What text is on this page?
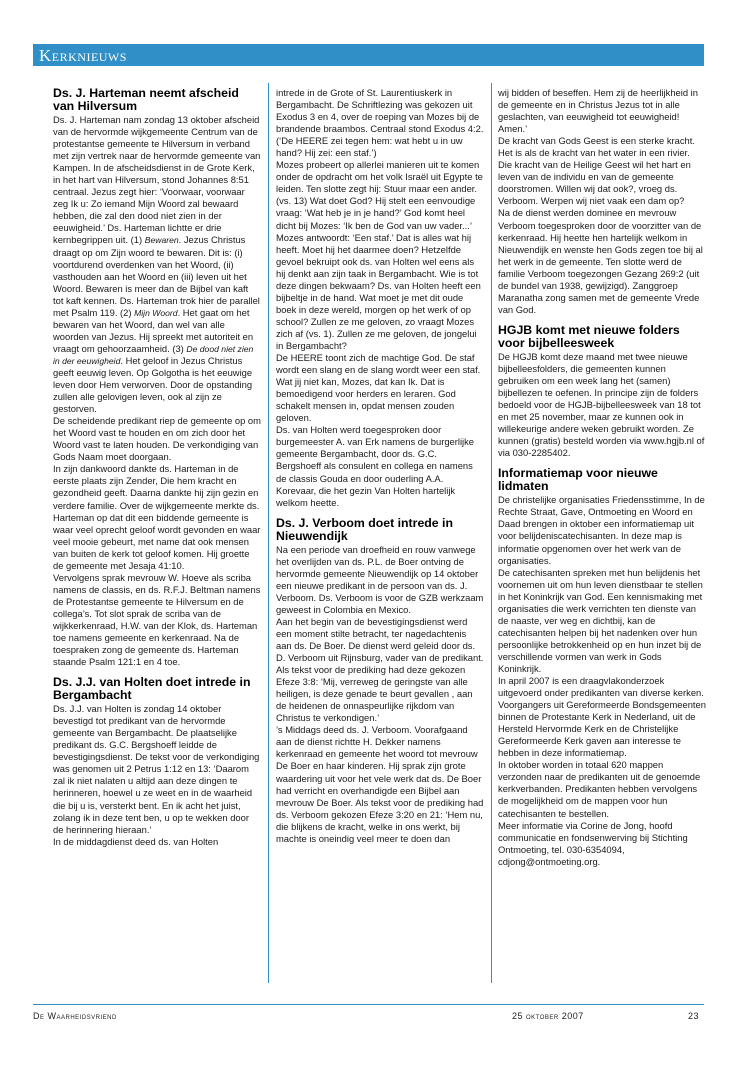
Kerknieuws
Ds. J. Harteman neemt afscheid van Hilversum

Ds. J. Harteman nam zondag 13 oktober afscheid van de hervormde wijkgemeente Centrum van de protestantse gemeente te Hilversum in verband met zijn vertrek naar de hervormde gemeente van Kampen. In de afscheidsdienst in de Grote Kerk, in het hart van Hilversum, stond Johannes 8:51 centraal. Jezus zegt hier: ‘Voorwaar, voorwaar zeg Ik u: Zo iemand Mijn Woord zal bewaard hebben, die zal den dood niet zien in der eeuwigheid.’ Ds. Harteman lichtte er drie kernbegrippen uit. (1) Bewaren. Jezus Christus draagt op om Zijn woord te bewaren. Dit is: (i) voortdurend overdenken van het Woord, (ii) vasthouden aan het Woord en (iii) leven uit het Woord. Bewaren is meer dan de Bijbel van kaft tot kaft kennen. Ds. Harteman trok hier de parallel met Psalm 119. (2) Mijn Woord. Het gaat om het bewaren van het Woord, dan wel van alle woorden van Jezus. Hij spreekt met autoriteit en vraagt om gehoorzaamheid. (3) De dood niet zien in der eeuwigheid. Het geloof in Jezus Christus geeft eeuwig leven. Op Golgotha is het eeuwige leven door Hem verworven. Door de opstanding zullen alle gelovigen leven, ook al zijn ze gestorven.

De scheidende predikant riep de gemeente op om het Woord vast te houden en om zich door het Woord vast te laten houden. De verkondiging van Gods Naam moet doorgaan.

In zijn dankwoord dankte ds. Harteman in de eerste plaats zijn Zender, Die hem kracht en gezondheid geeft. Daarna dankte hij zijn gezin en verdere familie. Over de wijkgemeente merkte ds. Harteman op dat dit een biddende gemeente is waar veel oprecht geloof wordt gevonden en waar veel mooie gebeurt, met name dat ook mensen van buiten de kerk tot geloof komen. Hij groette de gemeente met Jesaja 41:10.

Vervolgens sprak mevrouw W. Hoeve als scriba namens de classis, en ds. R.F.J. Beltman namens de Protestantse gemeente te Hilversum en de collega’s. Tot slot sprak de scriba van de wijkkerkenraad, H.W. van der Klok, ds. Harteman toe namens gemeente en kerkenraad. Na de toespraken zong de gemeente ds. Harteman staande Psalm 121:1 en 4 toe.

Ds. J.J. van Holten doet intrede in Bergambacht

Ds. J.J. van Holten is zondag 14 oktober bevestigd tot predikant van de hervormde gemeente van Bergambacht. De plaatselijke predikant ds. G.C. Bergshoeff leidde de bevestigingsdienst. De tekst voor de verkondiging was genomen uit 2 Petrus 1:12 en 13: ‘Daarom zal ik niet nalaten u altijd aan deze dingen te herinneren, hoewel u ze weet en in de waarheid die bij u is, versterkt bent. En ik acht het juist, zolang ik in deze tent ben, u op te wekken door de herinnering hieraan.’

In de middagdienst deed ds. van Holten

intrede in de Grote of St. Laurentiuskerk in Bergambacht. De Schriftlezing was gekozen uit Exodus 3 en 4, over de roeping van Mozes bij de brandende braambos. Centraal stond Exodus 4:2. (‘De HEERE zei tegen hem: wat hebt u in uw hand? Hij zei: een staf.’)

Mozes probeert op allerlei manieren uit te komen onder de opdracht om het volk Israël uit Egypte te leiden. Ten slotte zegt hij: Stuur maar een ander. (vs. 13) Wat doet God? Hij stelt een eenvoudige vraag: ‘Wat heb je in je hand?’ God komt heel dicht bij Mozes: ‘Ik ben de God van uw vader...’ Mozes antwoordt: ‘Een staf.’ Dat is alles wat hij heeft. Moet hij het daarmee doen? Hetzelfde gevoel bekruipt ook ds. van Holten wel eens als hij denkt aan zijn taak in Bergambacht. Wie is tot deze dingen bekwaam? Ds. van Holten heeft een bijbeltje in de hand. Wat moet je met dit oude boek in deze wereld, morgen op het werk of op school? Zullen ze me geloven, zo vraagt Mozes zich af (vs. 1). Zullen ze me geloven, de jongelui in Bergambacht?

De HEERE toont zich de machtige God. De staf wordt een slang en de slang wordt weer een staf. Wat jij niet kan, Mozes, dat kan Ik. Dat is bemoedigend voor herders en leraren. God schakelt mensen in, opdat mensen zouden geloven.

Ds. van Holten werd toegesproken door burgemeester A. van Erk namens de burgerlijke gemeente Bergambacht, door ds. G.C. Bergshoeff als consulent en collega en namens de classis Gouda en door ouderling A.A. Korevaar, die het gezin Van Holten hartelijk welkom heette.

Ds. J. Verboom doet intrede in Nieuwendijk

Na een periode van droefheid en rouw vanwege het overlijden van ds. P.L. de Boer ontving de hervormde gemeente Nieuwendijk op 14 oktober een nieuwe predikant in de persoon van ds. J. Verboom. Ds. Verboom is voor de GZB werkzaam geweest in Colombia en Mexico.

Aan het begin van de bevestigingsdienst werd een moment stilte betracht, ter nagedachtenis aan ds. De Boer. De dienst werd geleid door ds. D. Verboom uit Rijnsburg, vader van de predikant. Als tekst voor de prediking had deze gekozen Efeze 3:8: ‘Mij, verreweg de geringste van alle heiligen, is deze genade te beurt gevallen , aan de heidenen de onnaspeurlijke rijkdom van Christus te verkondigen.’

’s Middags deed ds. J. Verboom. Voorafgaand aan de dienst richtte H. Dekker namens kerkenraad en gemeente het woord tot mevrouw De Boer en haar kinderen. Hij sprak zijn grote waardering uit voor het vele werk dat ds. De Boer had verricht en overhandigde een Bijbel aan mevrouw De Boer. Als tekst voor de prediking had ds. Verboom gekozen Efeze 3:20 en 21: ‘Hem nu, die blijkens de kracht, welke in ons werkt, bij machte is oneindig veel meer te doen dan

wij bidden of beseffen. Hem zij de heerlijkheid in de gemeente en in Christus Jezus tot in alle geslachten, van eeuwigheid tot eeuwigheid! Amen.’

De kracht van Gods Geest is een sterke kracht. Het is als de kracht van het water in een rivier. Die kracht van de Heilige Geest wil het hart en leven van de individu en van de gemeente doorstromen. Willen wij dat ook?, vroeg ds. Verboom. Werpen wij niet vaak een dam op?

Na de dienst werden dominee en mevrouw Verboom toegesproken door de voorzitter van de kerkenraad. Hij heette hen hartelijk welkom in Nieuwendijk en wenste hen Gods zegen toe bij al het werk in de gemeente. Ten slotte werd de familie Verboom toegezongen Gezang 269:2 (uit de bundel van 1938, gewijzigd). Zanggroep Maranatha zong samen met de gemeente Vrede van God.

HGJB komt met nieuwe folders voor bijbelleesweek

De HGJB komt deze maand met twee nieuwe bijbelleesfolders, die gemeenten kunnen gebruiken om een week lang het (samen) bijbellezen te oefenen. In principe zijn de folders bedoeld voor de HGJB-bijbelleesweek van 18 tot en met 25 november, maar ze kunnen ook in willekeurige andere weken gebruikt worden. Ze kunnen (gratis) besteld worden via www.hgjb.nl of via 030-2285402.

Informatiemap voor nieuwe lidmaten

De christelijke organisaties Friedensstimme, In de Rechte Straat, Gave, Ontmoeting en Woord en Daad brengen in oktober een informatiemap uit voor belijdeniscatechisanten. In deze map is informatie opgenomen over het werk van de organisaties.

De catechisanten spreken met hun belijdenis het voornemen uit om hun leven dienstbaar te stellen in het Koninkrijk van God. Een kennismaking met organisaties die werk verrichten ten dienste van de naaste, ver weg en dichtbij, kan de catechisanten helpen bij het nadenken over hun persoonlijke betrokkenheid op en hun inzet bij de verschillende vormen van werk in Gods Koninkrijk.

In april 2007 is een draagvlakonderzoek uitgevoerd onder predikanten van diverse kerken. Voorgangers uit Gereformeerde Bondsgemeenten binnen de Protestante Kerk in Nederland, uit de Hersteld Hervormde Kerk en de Christelijke Gereformeerde Kerk gaven aan interesse te hebben in deze informatiemap.

In oktober worden in totaal 620 mappen verzonden naar de predikanten uit de genoemde kerkverbanden. Predikanten hebben vervolgens de mogelijkheid om de mappen voor hun catechisanten te bestellen.

Meer informatie via Corine de Jong, hoofd communicatie en fondsenwerving bij Stichting Ontmoeting, tel. 030-6354094, cdjong@ontmoeting.org.

De Waarheidsvriend	25 oktober 2007	23
